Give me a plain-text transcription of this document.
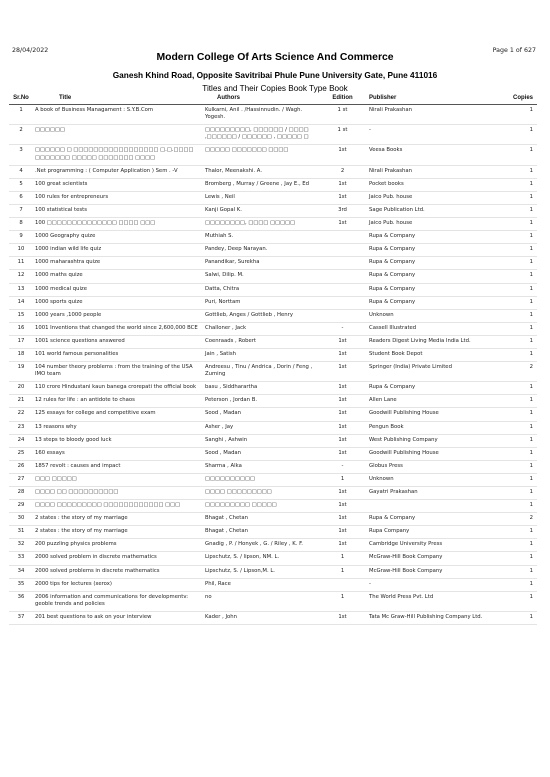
28/04/2022	Page 1 of 627
Modern College Of Arts Science And Commerce
Ganesh Khind Road, Opposite Savitribai Phule Pune University Gate, Pune 411016
Titles and Their Copies Book Type Book
Sr.No	Title	Authors	Edition	Publisher	Copies
1	A book of Business Managament : S.Y.B.Com	Kulkarni, Anil . /Hassinnudin. / Wagh. Yogesh.	1 st	Nirali Prakashan	1
2	□□□□□□	□□□□□□□□□, □□□□□□ / □□□□ ,□□□□□□ / □□□□□□ , □□□□□ □	1 st	-	1
3	□□□□□□ □ □□□□□□□□□□□□□□□□□ □.□.□□□□ □□□□□□□ □□□□□ □□□□□□□ □□□□	□□□□□ □□□□□□□ □□□□	1st	Veesa Books	1
4	.Net programming : ( Computer Application ) Sem . -V	Thalor, Meenakshi. A.	2	Nirali Prakashan	1
5	100 great scientists	Bromberg , Murray / Greene , Jay E., Ed	1st	Pocket books	1
6	100 rules for entrepreneurs	Lewis , Neil	1st	Jaico Pub. house	1
7	100 statistical tests	Kanji Gopal K.	3rd	Sage Publication Ltd.	1
8	100 □□□□□□□□□□□□□□ □□□□ □□□	□□□□□□□□, □□□□ □□□□□	1st	Jaico Pub. house	1
9	1000 Geography quize	Muthiah S.		Rupa & Company	1
10	1000 indian wild life quiz	Pandey, Deep Narayan.		Rupa & Company	1
11	1000 maharashtra quize	Panandikar, Surekha		Rupa & Company	1
12	1000 maths quize	Salwi, Dilip. M.		Rupa & Company	1
13	1000 medical quize	Datta, Chitra		Rupa & Company	1
14	1000 sports quize	Puri, Norttam		Rupa & Company	1
15	1000 years ,1000 people	Gottlieb, Anges / Gottlieb , Henry		Unknown	1
16	1001 Inventions that changed the world since 2,600,000 BCE	Challoner , Jack	-	Cassell Illustrated	1
17	1001 science questions answered	Coenraads , Robert	1st	Readers Digest Living Media India Ltd.	1
18	101 world famous personalities	Jain , Satish	1st	Student Book Depot	1
19	104 number theory problems : from the training of the USA IMO team	Andreesu , Tinu / Andrica , Dorin / Feng , Zuming	1st	Springer (India) Private Limited	2
20	110 crore Hindustani kaun banega crorepati the official book	basu , Siddharartha	1st	Rupa & Company	1
21	12 rules for life : an antidote to chaos	Peterson , Jordan B.	1st	Allen Lane	1
22	125 essays for college and competitive exam	Sood , Madan	1st	Goodwill Publishing House	1
23	13 reasons why	Asher , Jay	1st	Pengun Book	1
24	13 steps to bloody good luck	Sanghi , Ashwin	1st	West Publishing Company	1
25	160 essays	Sood , Madan	1st	Goodwill Publishing House	1
26	1857 revolt : causes and impact	Sharma , Alka	-	Globus Press	1
27	□□□ □□□□□	□□□□□□□□□□	1	Unknown	1
28	□□□□ □□ □□□□□□□□□□	□□□□ □□□□□□□□□	1st	Gayatri Prakashan	1
29	□□□□ □□□□□□□□□ □□□□□□□□□□□□ □□□	□□□□□□□□□ □□□□□	1st		1
30	2 states : the story of my marriage	Bhagat , Chetan	1st	Rupa & Company	2
31	2 states : the story of my marriage	Bhagat , Chetan	1st	Rupa Company	1
32	200 puzzling physics problems	Gnadig , P. / Honyek , G. / Riley , K. F.	1st	Cambridge University Press	1
33	2000 solved problem in discrete mathematics	Lipschutz, S. / lipson, NM. L.	1	McGraw-Hill Book Company	1
34	2000 solved problems in discrete mathematics	Lipschutz, S. / Lipson,M. L.	1	McGraw-Hill Book Company	1
35	2000 tips for lectures (xerox)	Phil, Race		-	1
36	2006 information and communications for developmentv: geoble trends and policies	no	1	The World Press Pvt. Ltd	1
37	201 best questions to ask on your interview	Kader , John	1st	Tata Mc Graw-Hill Publishing Company Ltd.	1
